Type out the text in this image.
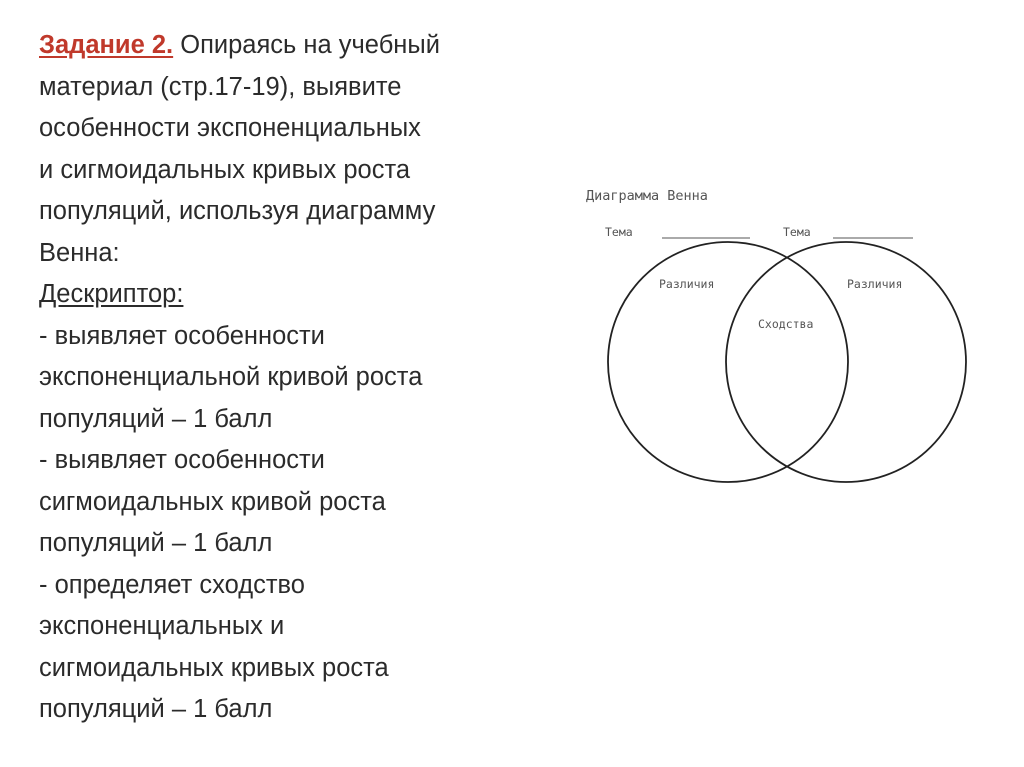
Задание 2. Опираясь на учебный
материал (стр.17-19), выявите
особенности экспоненциальных
и сигмоидальных кривых роста
популяций, используя диаграмму
Венна:
Дескриптор:
- выявляет особенности
экспоненциальной кривой роста
популяций – 1 балл
- выявляет особенности
сигмоидальных кривой роста
популяций – 1 балл
- определяет сходство
экспоненциальных и
сигмоидальных кривых роста
популяций – 1 балл
Диаграмма Венна
Тема	Тема
Различия	Различия
Сходства
